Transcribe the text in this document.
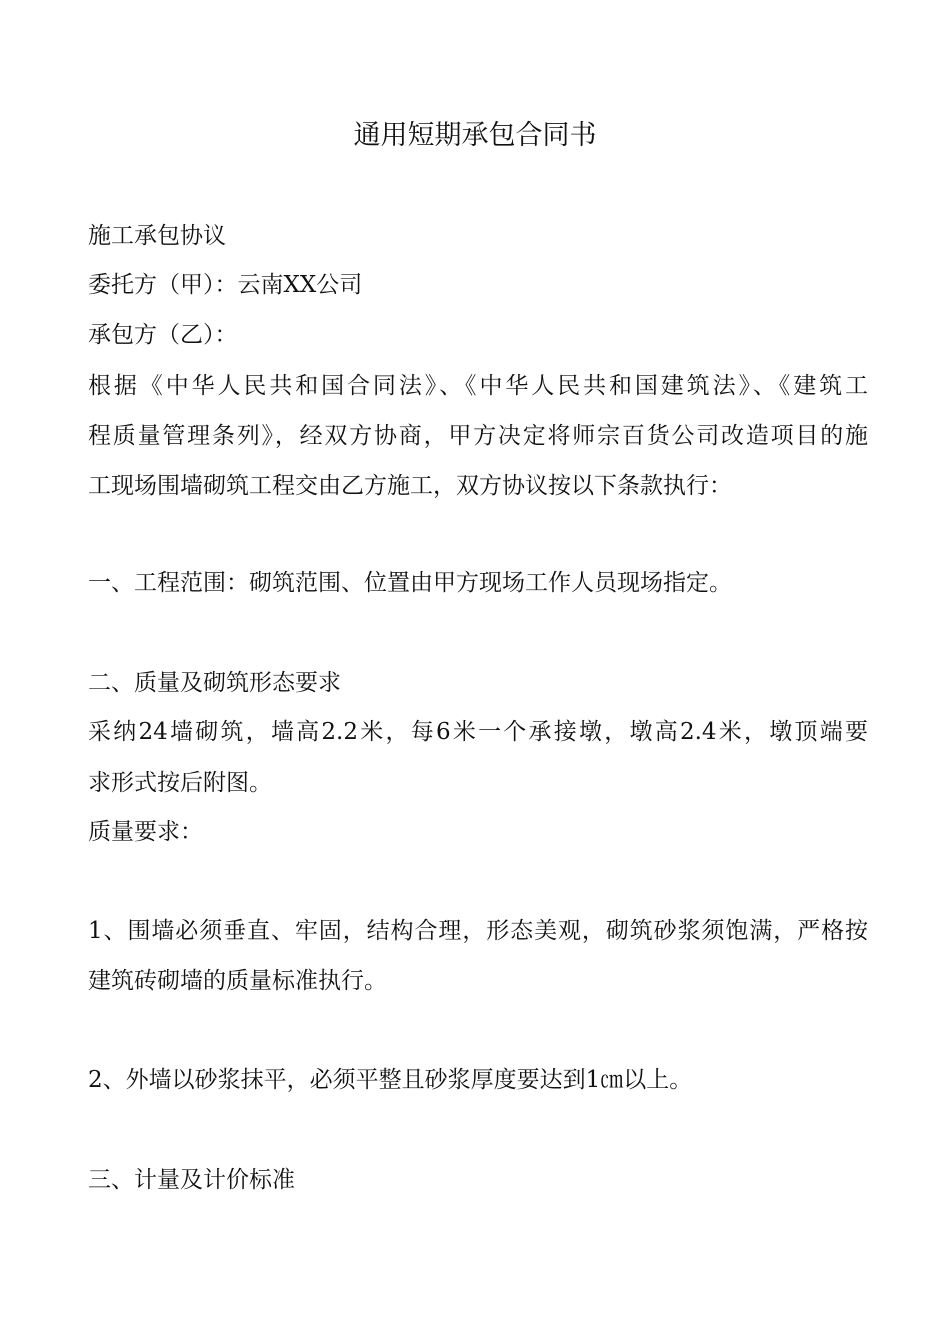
通用短期承包合同书
施工承包协议
委托方（甲）：云南XX公司
承包方（乙）：
根据《中华人民共和国合同法》、《中华人民共和国建筑法》、《建筑工
程质量管理条列》，经双方协商，甲方决定将师宗百货公司改造项目的施
工现场围墙砌筑工程交由乙方施工，双方协议按以下条款执行：
一、工程范围：砌筑范围、位置由甲方现场工作人员现场指定。
二、质量及砌筑形态要求
采纳24墙砌筑，墙高2.2米，每6米一个承接墩，墩高2.4米，墩顶端要
求形式按后附图。
质量要求：
1、围墙必须垂直、牢固，结构合理，形态美观，砌筑砂浆须饱满，严格按
建筑砖砌墙的质量标准执行。
2、外墙以砂浆抹平，必须平整且砂浆厚度要达到1㎝以上。
三、计量及计价标准
